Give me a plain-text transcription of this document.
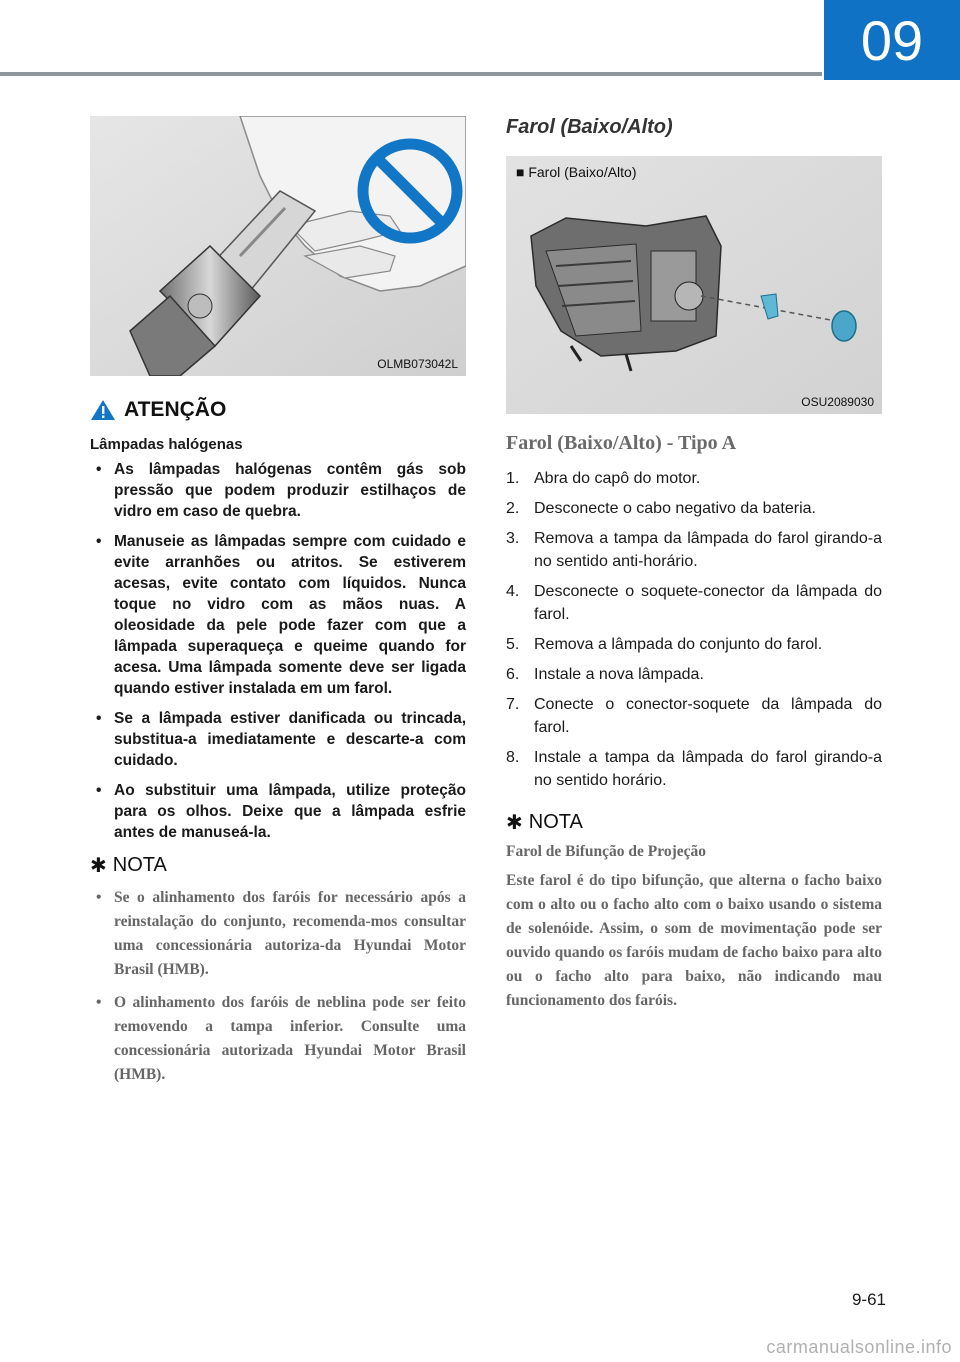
09
OLMB073042L
ATENÇÃO
Lâmpadas halógenas
• As lâmpadas halógenas contêm gás sob pressão que podem produzir estilhaços de vidro em caso de quebra.
• Manuseie as lâmpadas sempre com cuidado e evite arranhões ou atritos. Se estiverem acesas, evite contato com líquidos. Nunca toque no vidro com as mãos nuas. A oleosidade da pele pode fazer com que a lâmpada superaqueça e queime quando for acesa. Uma lâmpada somente deve ser ligada quando estiver instalada em um farol.
• Se a lâmpada estiver danificada ou trincada, substitua-a imediatamente e descarte-a com cuidado.
• Ao substituir uma lâmpada, utilize proteção para os olhos. Deixe que a lâmpada esfrie antes de manuseá-la.
✱ NOTA
• Se o alinhamento dos faróis for necessário após a reinstalação do conjunto, recomenda-mos consultar uma concessionária autoriza-da Hyundai Motor Brasil (HMB).
• O alinhamento dos faróis de neblina pode ser feito removendo a tampa inferior. Consulte uma concessionária autorizada Hyundai Motor Brasil (HMB).
Farol (Baixo/Alto)
■ Farol (Baixo/Alto)
OSU2089030
Farol (Baixo/Alto) - Tipo A
1. Abra do capô do motor.
2. Desconecte o cabo negativo da bateria.
3. Remova a tampa da lâmpada do farol girando-a no sentido anti-horário.
4. Desconecte o soquete-conector da lâmpada do farol.
5. Remova a lâmpada do conjunto do farol.
6. Instale a nova lâmpada.
7. Conecte o conector-soquete da lâmpada do farol.
8. Instale a tampa da lâmpada do farol girando-a no sentido horário.
✱ NOTA
Farol de Bifunção de Projeção

Este farol é do tipo bifunção, que alterna o facho baixo com o alto ou o facho alto com o baixo usando o sistema de solenóide. Assim, o som de movimentação pode ser ouvido quando os faróis mudam de facho baixo para alto ou o facho alto para baixo, não indicando mau funcionamento dos faróis.

9-61
carmanualsonline.info
